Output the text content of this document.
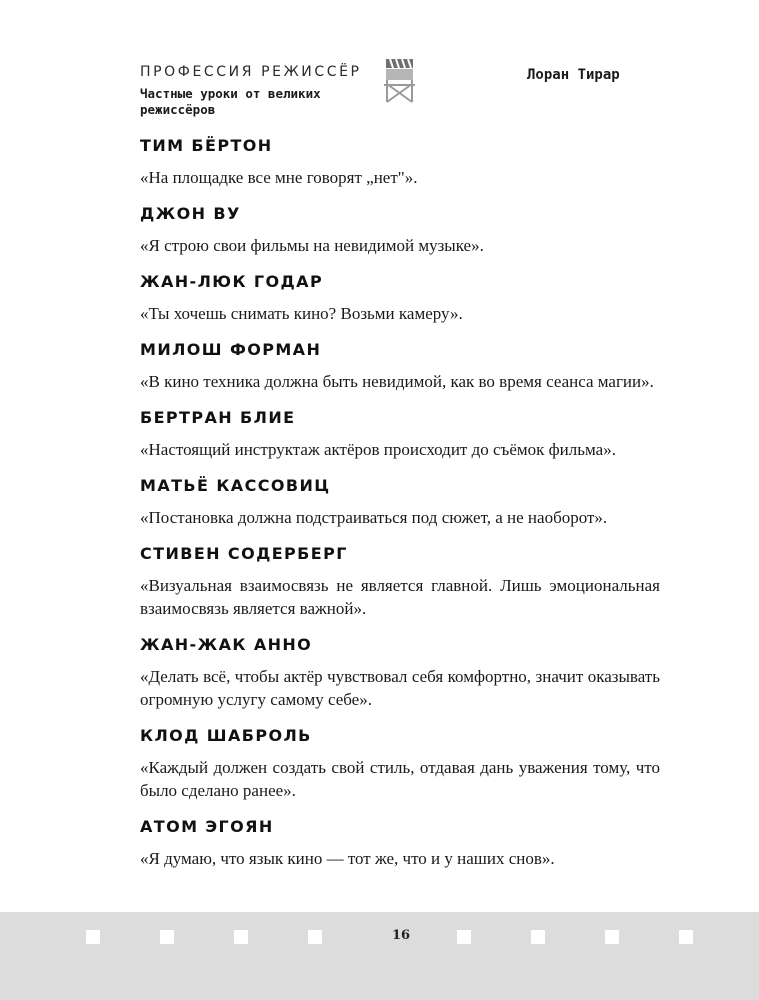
ПРОФЕССИЯ РЕЖИССЁР
Частные уроки от великих режиссёров
Лоран Тирар
ТИМ БЁРТОН
«На площадке все мне говорят „нет"».
ДЖОН ВУ
«Я строю свои фильмы на невидимой музыке».
ЖАН-ЛЮК ГОДАР
«Ты хочешь снимать кино? Возьми камеру».
МИЛОШ ФОРМАН
«В кино техника должна быть невидимой, как во время сеанса магии».
БЕРТРАН БЛИЕ
«Настоящий инструктаж актёров происходит до съёмок фильма».
МАТЬЁ КАССОВИЦ
«Постановка должна подстраиваться под сюжет, а не наоборот».
СТИВЕН СОДЕРБЕРГ
«Визуальная взаимосвязь не является главной. Лишь эмоциональная взаимосвязь является важной».
ЖАН-ЖАК АННО
«Делать всё, чтобы актёр чувствовал себя комфортно, значит оказывать огромную услугу самому себе».
КЛОД ШАБРОЛЬ
«Каждый должен создать свой стиль, отдавая дань уважения тому, что было сделано ранее».
АТОМ ЭГОЯН
«Я думаю, что язык кино — тот же, что и у наших снов».
16
